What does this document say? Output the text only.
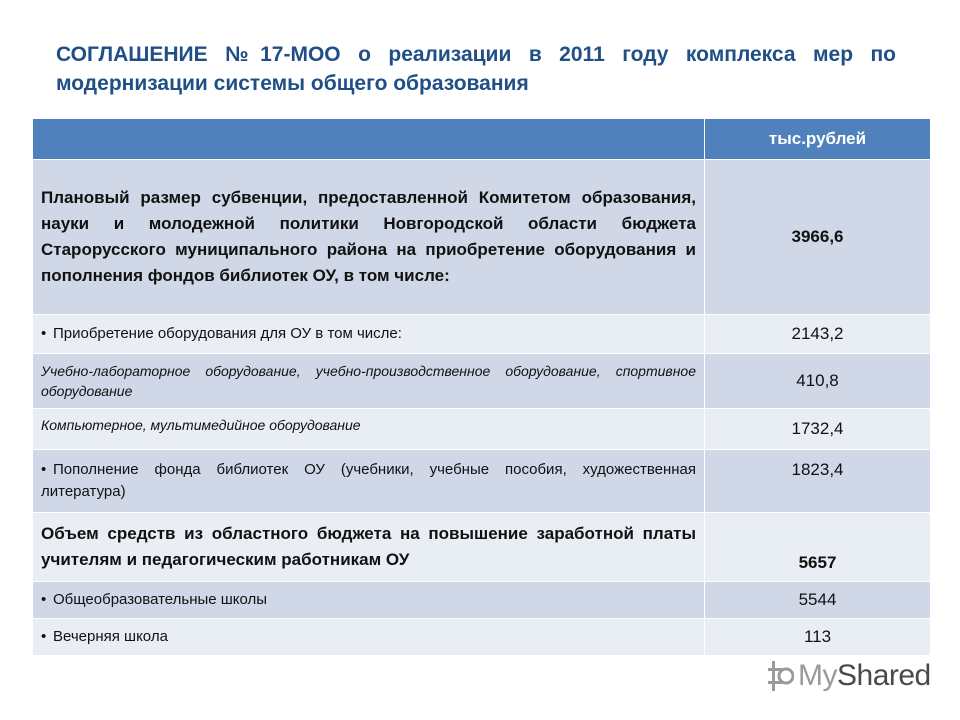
СОГЛАШЕНИЕ №17-МОО о реализации в 2011 году комплекса мер по модернизации системы общего образования
	тыс.рублей
Плановый размер субвенции, предоставленной Комитетом образования, науки и молодежной политики Новгородской области бюджета Старорусского муниципального района на приобретение оборудования и пополнения фондов библиотек ОУ, в том числе:	3966,6
• Приобретение оборудования для ОУ в том числе:	2143,2
Учебно-лабораторное оборудование, учебно-производственное оборудование, спортивное оборудование	410,8
Компьютерное, мультимедийное оборудование	1732,4
• Пополнение фонда библиотек ОУ (учебники, учебные пособия, художественная литература)	1823,4
Объем средств из областного бюджета на повышение заработной платы учителям и педагогическим работникам ОУ	5657
• Общеобразовательные школы	5544
• Вечерняя школа	113
MyShared
